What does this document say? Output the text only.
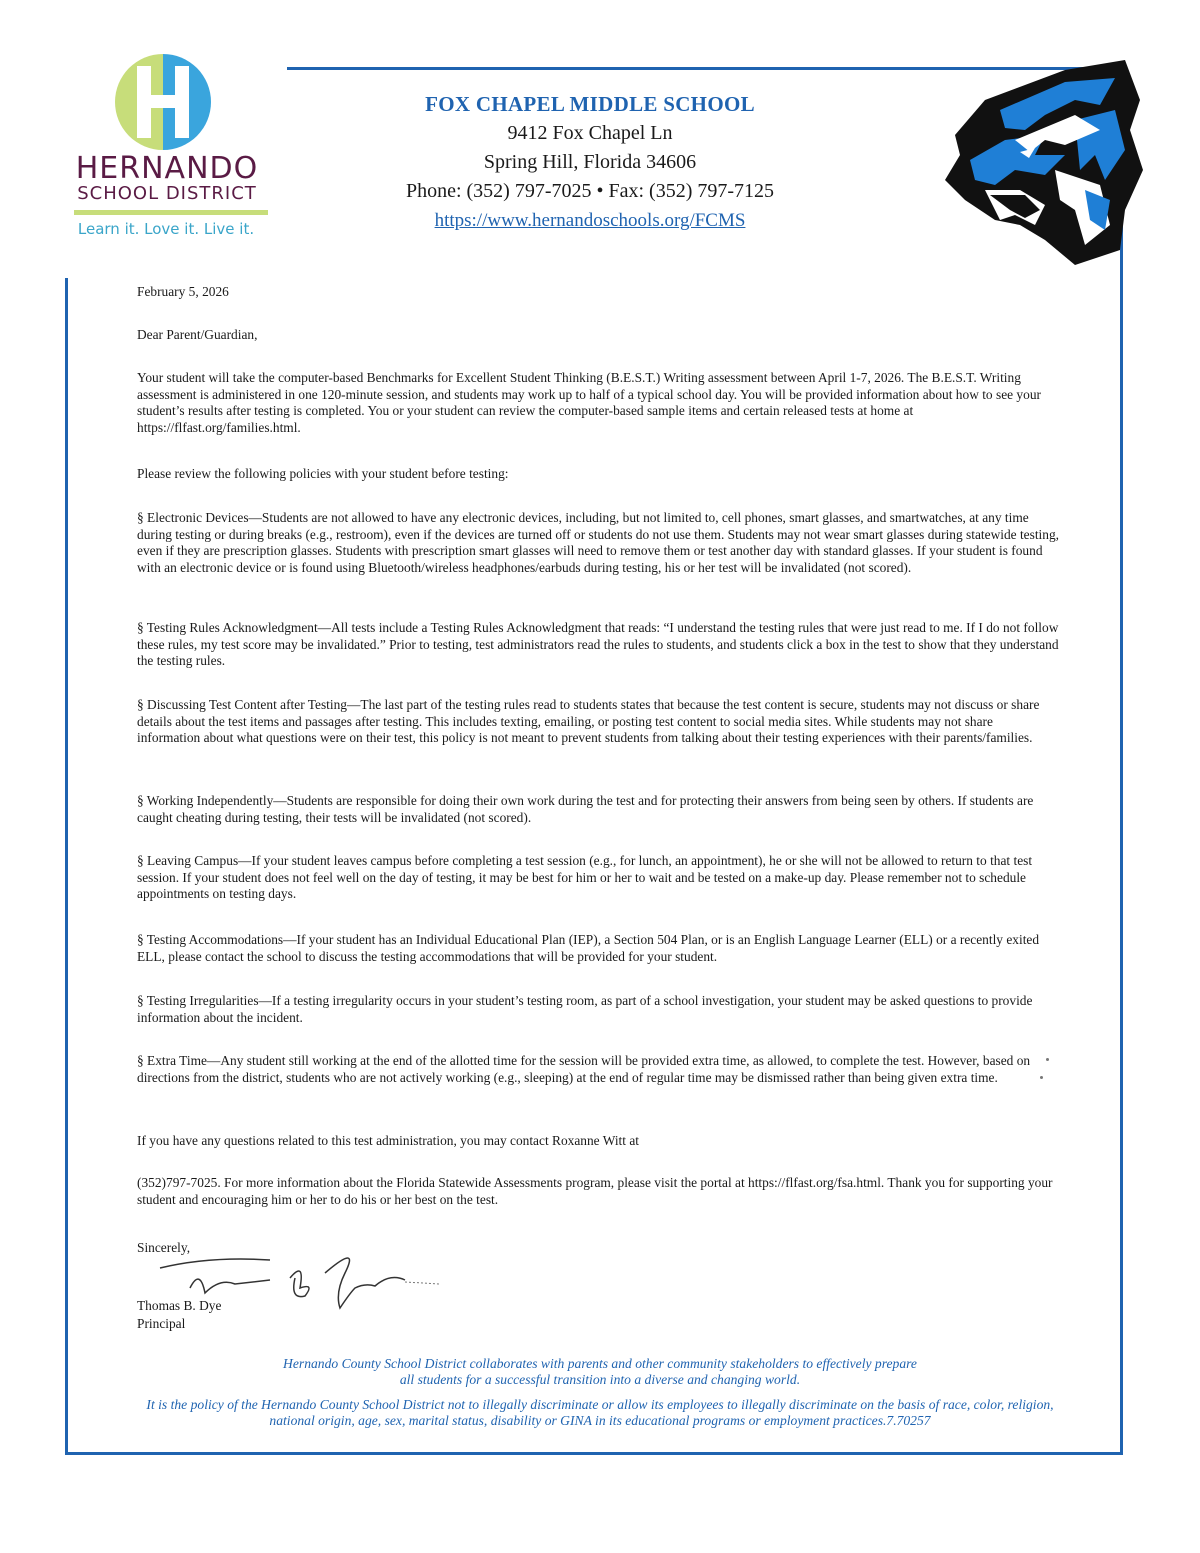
HERNANDO
SCHOOL DISTRICT
Learn it. Love it. Live it.
FOX CHAPEL MIDDLE SCHOOL
9412 Fox Chapel Ln
Spring Hill, Florida 34606
Phone: (352) 797-7025 • Fax: (352) 797-7125
https://www.hernandoschools.org/FCMS
February 5, 2026
Dear Parent/Guardian,
Your student will take the computer-based Benchmarks for Excellent Student Thinking (B.E.S.T.) Writing assessment between April 1-7, 2026. The B.E.S.T. Writing assessment is administered in one 120-minute session, and students may work up to half of a typical school day. You will be provided information about how to see your student’s results after testing is completed. You or your student can review the computer-based sample items and certain released tests at home at https://flfast.org/families.html.
Please review the following policies with your student before testing:
§ Electronic Devices—Students are not allowed to have any electronic devices, including, but not limited to, cell phones, smart glasses, and smartwatches, at any time during testing or during breaks (e.g., restroom), even if the devices are turned off or students do not use them. Students may not wear smart glasses during statewide testing, even if they are prescription glasses. Students with prescription smart glasses will need to remove them or test another day with standard glasses. If your student is found with an electronic device or is found using Bluetooth/wireless headphones/earbuds during testing, his or her test will be invalidated (not scored).
§ Testing Rules Acknowledgment—All tests include a Testing Rules Acknowledgment that reads: “I understand the testing rules that were just read to me. If I do not follow these rules, my test score may be invalidated.” Prior to testing, test administrators read the rules to students, and students click a box in the test to show that they understand the testing rules.
§ Discussing Test Content after Testing—The last part of the testing rules read to students states that because the test content is secure, students may not discuss or share details about the test items and passages after testing. This includes texting, emailing, or posting test content to social media sites. While students may not share information about what questions were on their test, this policy is not meant to prevent students from talking about their testing experiences with their parents/families.
§ Working Independently—Students are responsible for doing their own work during the test and for protecting their answers from being seen by others. If students are caught cheating during testing, their tests will be invalidated (not scored).
§ Leaving Campus—If your student leaves campus before completing a test session (e.g., for lunch, an appointment), he or she will not be allowed to return to that test session. If your student does not feel well on the day of testing, it may be best for him or her to wait and be tested on a make-up day. Please remember not to schedule appointments on testing days.
§ Testing Accommodations—If your student has an Individual Educational Plan (IEP), a Section 504 Plan, or is an English Language Learner (ELL) or a recently exited ELL, please contact the school to discuss the testing accommodations that will be provided for your student.
§ Testing Irregularities—If a testing irregularity occurs in your student’s testing room, as part of a school investigation, your student may be asked questions to provide information about the incident.
§ Extra Time—Any student still working at the end of the allotted time for the session will be provided extra time, as allowed, to complete the test. However, based on directions from the district, students who are not actively working (e.g., sleeping) at the end of regular time may be dismissed rather than being given extra time.
If you have any questions related to this test administration, you may contact Roxanne Witt at
(352)797-7025. For more information about the Florida Statewide Assessments program, please visit the portal at https://flfast.org/fsa.html. Thank you for supporting your student and encouraging him or her to do his or her best on the test.
Sincerely,
Thomas B. Dye
Principal
Hernando County School District collaborates with parents and other community stakeholders to effectively prepare all students for a successful transition into a diverse and changing world.
It is the policy of the Hernando County School District not to illegally discriminate or allow its employees to illegally discriminate on the basis of race, color, religion, national origin, age, sex, marital status, disability or GINA in its educational programs or employment practices.7.70257
